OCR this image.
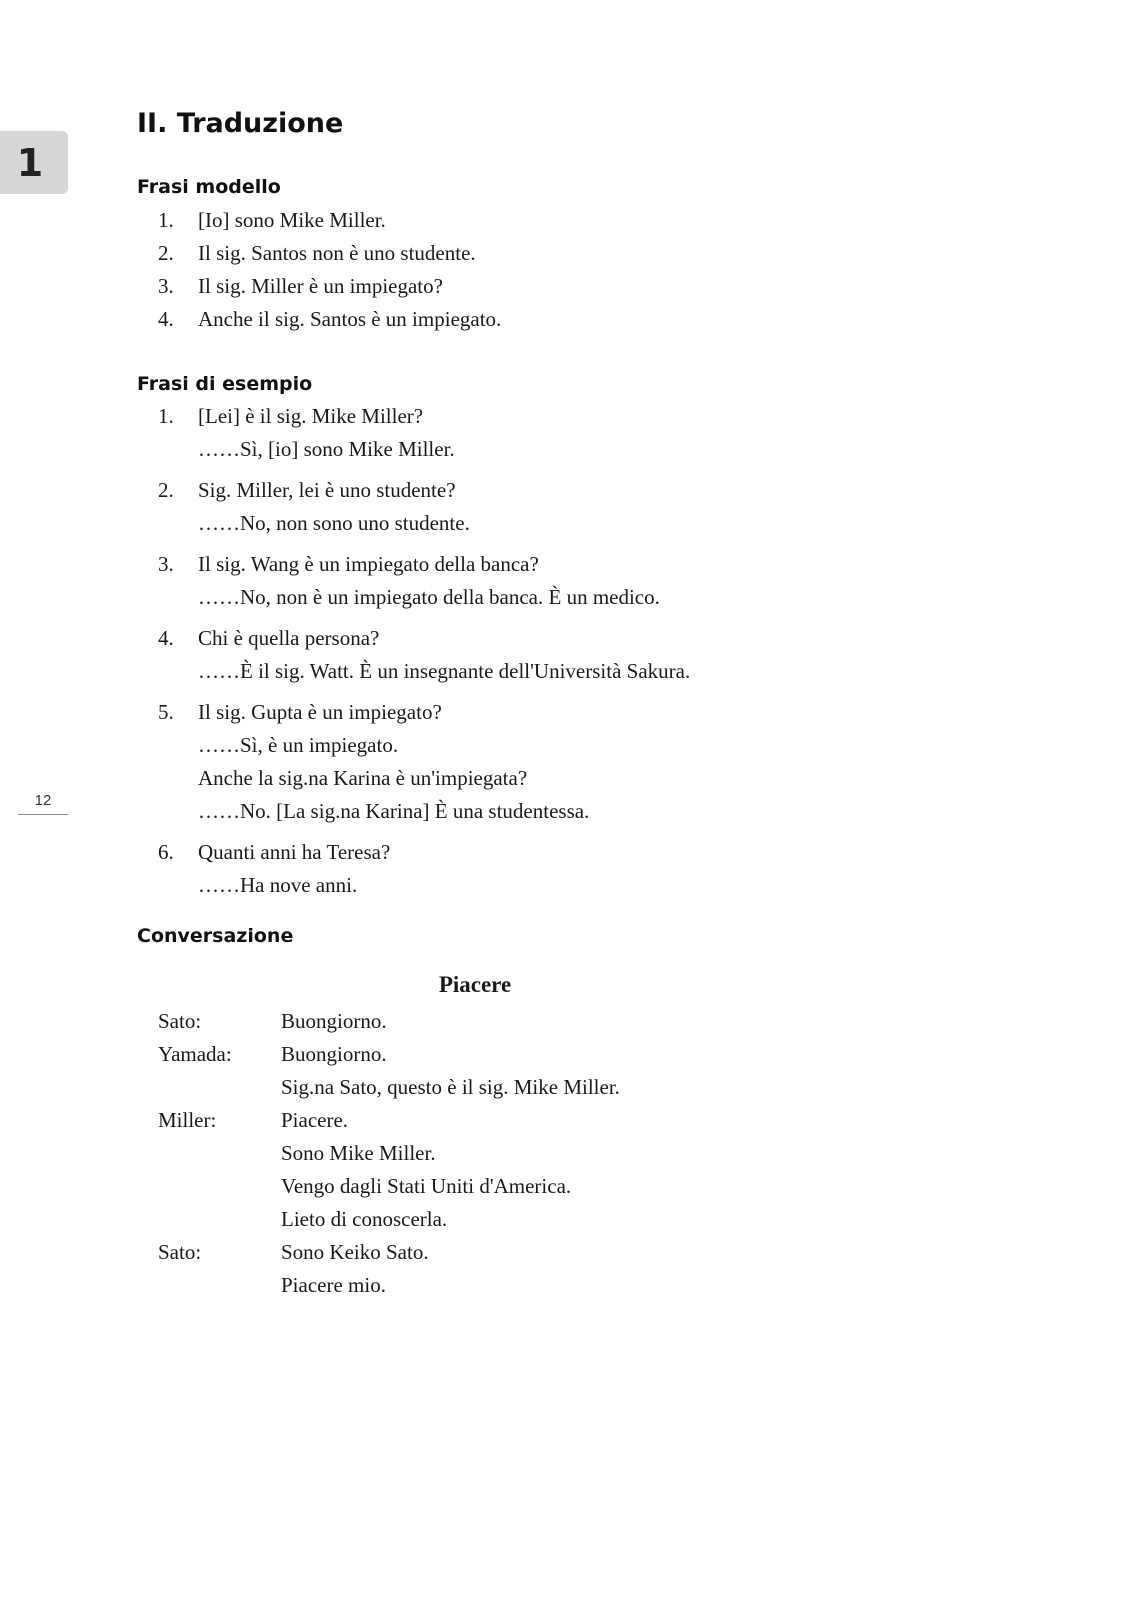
1
12
II. Traduzione
Frasi modello
1. [Io] sono Mike Miller.
2. Il sig. Santos non è uno studente.
3. Il sig. Miller è un impiegato?
4. Anche il sig. Santos è un impiegato.
Frasi di esempio
1. [Lei] è il sig. Mike Miller?
……Sì, [io] sono Mike Miller.
2. Sig. Miller, lei è uno studente?
……No, non sono uno studente.
3. Il sig. Wang è un impiegato della banca?
……No, non è un impiegato della banca. È un medico.
4. Chi è quella persona?
……È il sig. Watt. È un insegnante dell'Università Sakura.
5. Il sig. Gupta è un impiegato?
……Sì, è un impiegato.
Anche la sig.na Karina è un'impiegata?
……No. [La sig.na Karina] È una studentessa.
6. Quanti anni ha Teresa?
……Ha nove anni.
Conversazione
Piacere
Sato:	Buongiorno.
Yamada:	Buongiorno.
Sig.na Sato, questo è il sig. Mike Miller.
Miller:	Piacere.
Sono Mike Miller.
Vengo dagli Stati Uniti d'America.
Lieto di conoscerla.
Sato:	Sono Keiko Sato.
Piacere mio.
